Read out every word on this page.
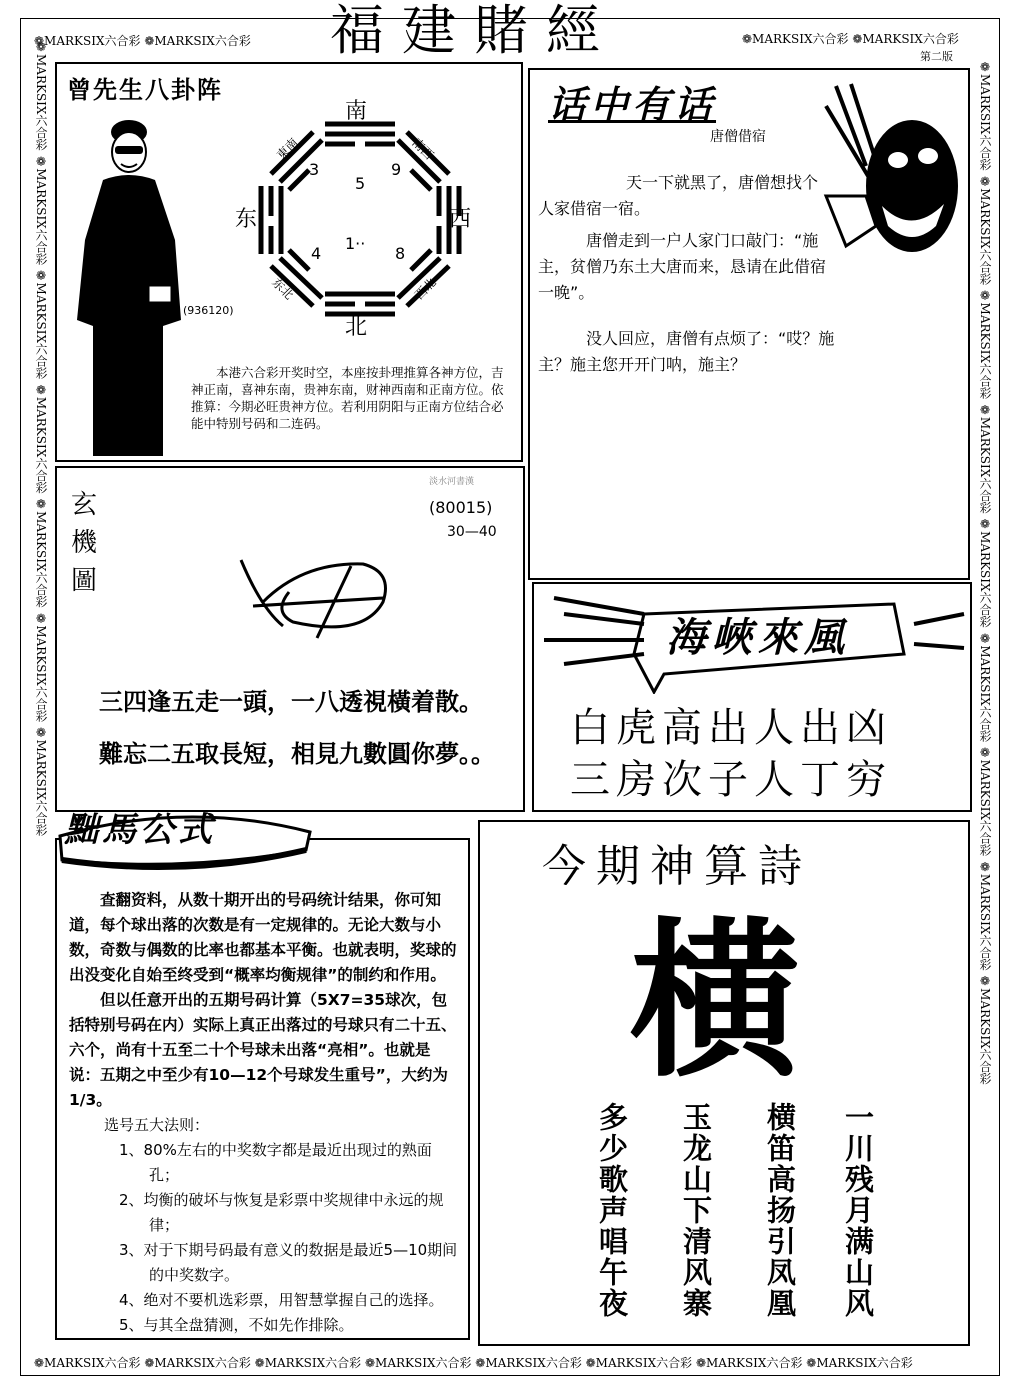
❁MARKSIX六合彩 ❁MARKSIX六合彩	❁MARKSIX六合彩 ❁MARKSIX六合彩
第二版
❁MARKSIX六合彩 ❁MARKSIX六合彩 ❁MARKSIX六合彩 ❁MARKSIX六合彩 ❁MARKSIX六合彩 ❁MARKSIX六合彩 ❁MARKSIX六合彩 ❁MARKSIX六合彩
❁MARKSIX六合彩 ❁MARKSIX六合彩 ❁MARKSIX六合彩 ❁MARKSIX六合彩 ❁MARKSIX六合彩 ❁MARKSIX六合彩 ❁MARKSIX六合彩	❁MARKSIX六合彩 ❁MARKSIX六合彩 ❁MARKSIX六合彩 ❁MARKSIX六合彩 ❁MARKSIX六合彩 ❁MARKSIX六合彩 ❁MARKSIX六合彩 ❁MARKSIX六合彩 ❁MARKSIX六合彩
福建賭經
曾先生八卦阵
(936120)
南
北
东	西
東南	南西
东北	西北
3
5
9
1··
4	8
本港六合彩开奖时空，本座按卦理推算各神方位，吉神正南，喜神东南，贵神东南，财神西南和正南方位。依推算：今期必旺贵神方位。若利用阴阳与正南方位结合必能中特别号码和二连码。
话中有话
唐僧借宿

天一下就黑了，唐僧想找个人家借宿一宿。

唐僧走到一户人家门口敲门：“施主，贫僧乃东土大唐而来，恳请在此借宿一晚”。

没人回应，唐僧有点烦了：“哎？施主？施主您开开门呐，施主？

玄
機
圖
淡水河書漢
(80015)
30—40
三四逢五走一頭，一八透視橫着散。
難忘二五取長短，相見九數圓你夢。。
海峽來風
白虎高出人出凶
三房次子人丁穷

查翻资料，从数十期开出的号码统计结果，你可知道，每个球出落的次数是有一定规律的。无论大数与小数，奇数与偶数的比率也都基本平衡。也就表明，奖球的出没变化自始至终受到“概率均衡规律”的制约和作用。

但以任意开出的五期号码计算（5X7=35球次，包括特别号码在内）实际上真正出落过的号球只有二十五、六个，尚有十五至二十个号球未出落“亮相”。也就是说：五期之中至少有10—12个号球发生重号”，大约为1/3。

选号五大法则：

1、80%左右的中奖数字都是最近出现过的熟面孔；

2、均衡的破坏与恢复是彩票中奖规律中永远的规律；

3、对于下期号码最有意义的数据是最近5—10期间的中奖数字。

4、绝对不要机选彩票，用智慧掌握自己的选择。

5、与其全盘猜测，不如先作排除。

黜馬公式
今期神算詩
横
一川残月满山风
横笛高扬引凤凰
玉龙山下清风寨
多少歌声唱午夜
